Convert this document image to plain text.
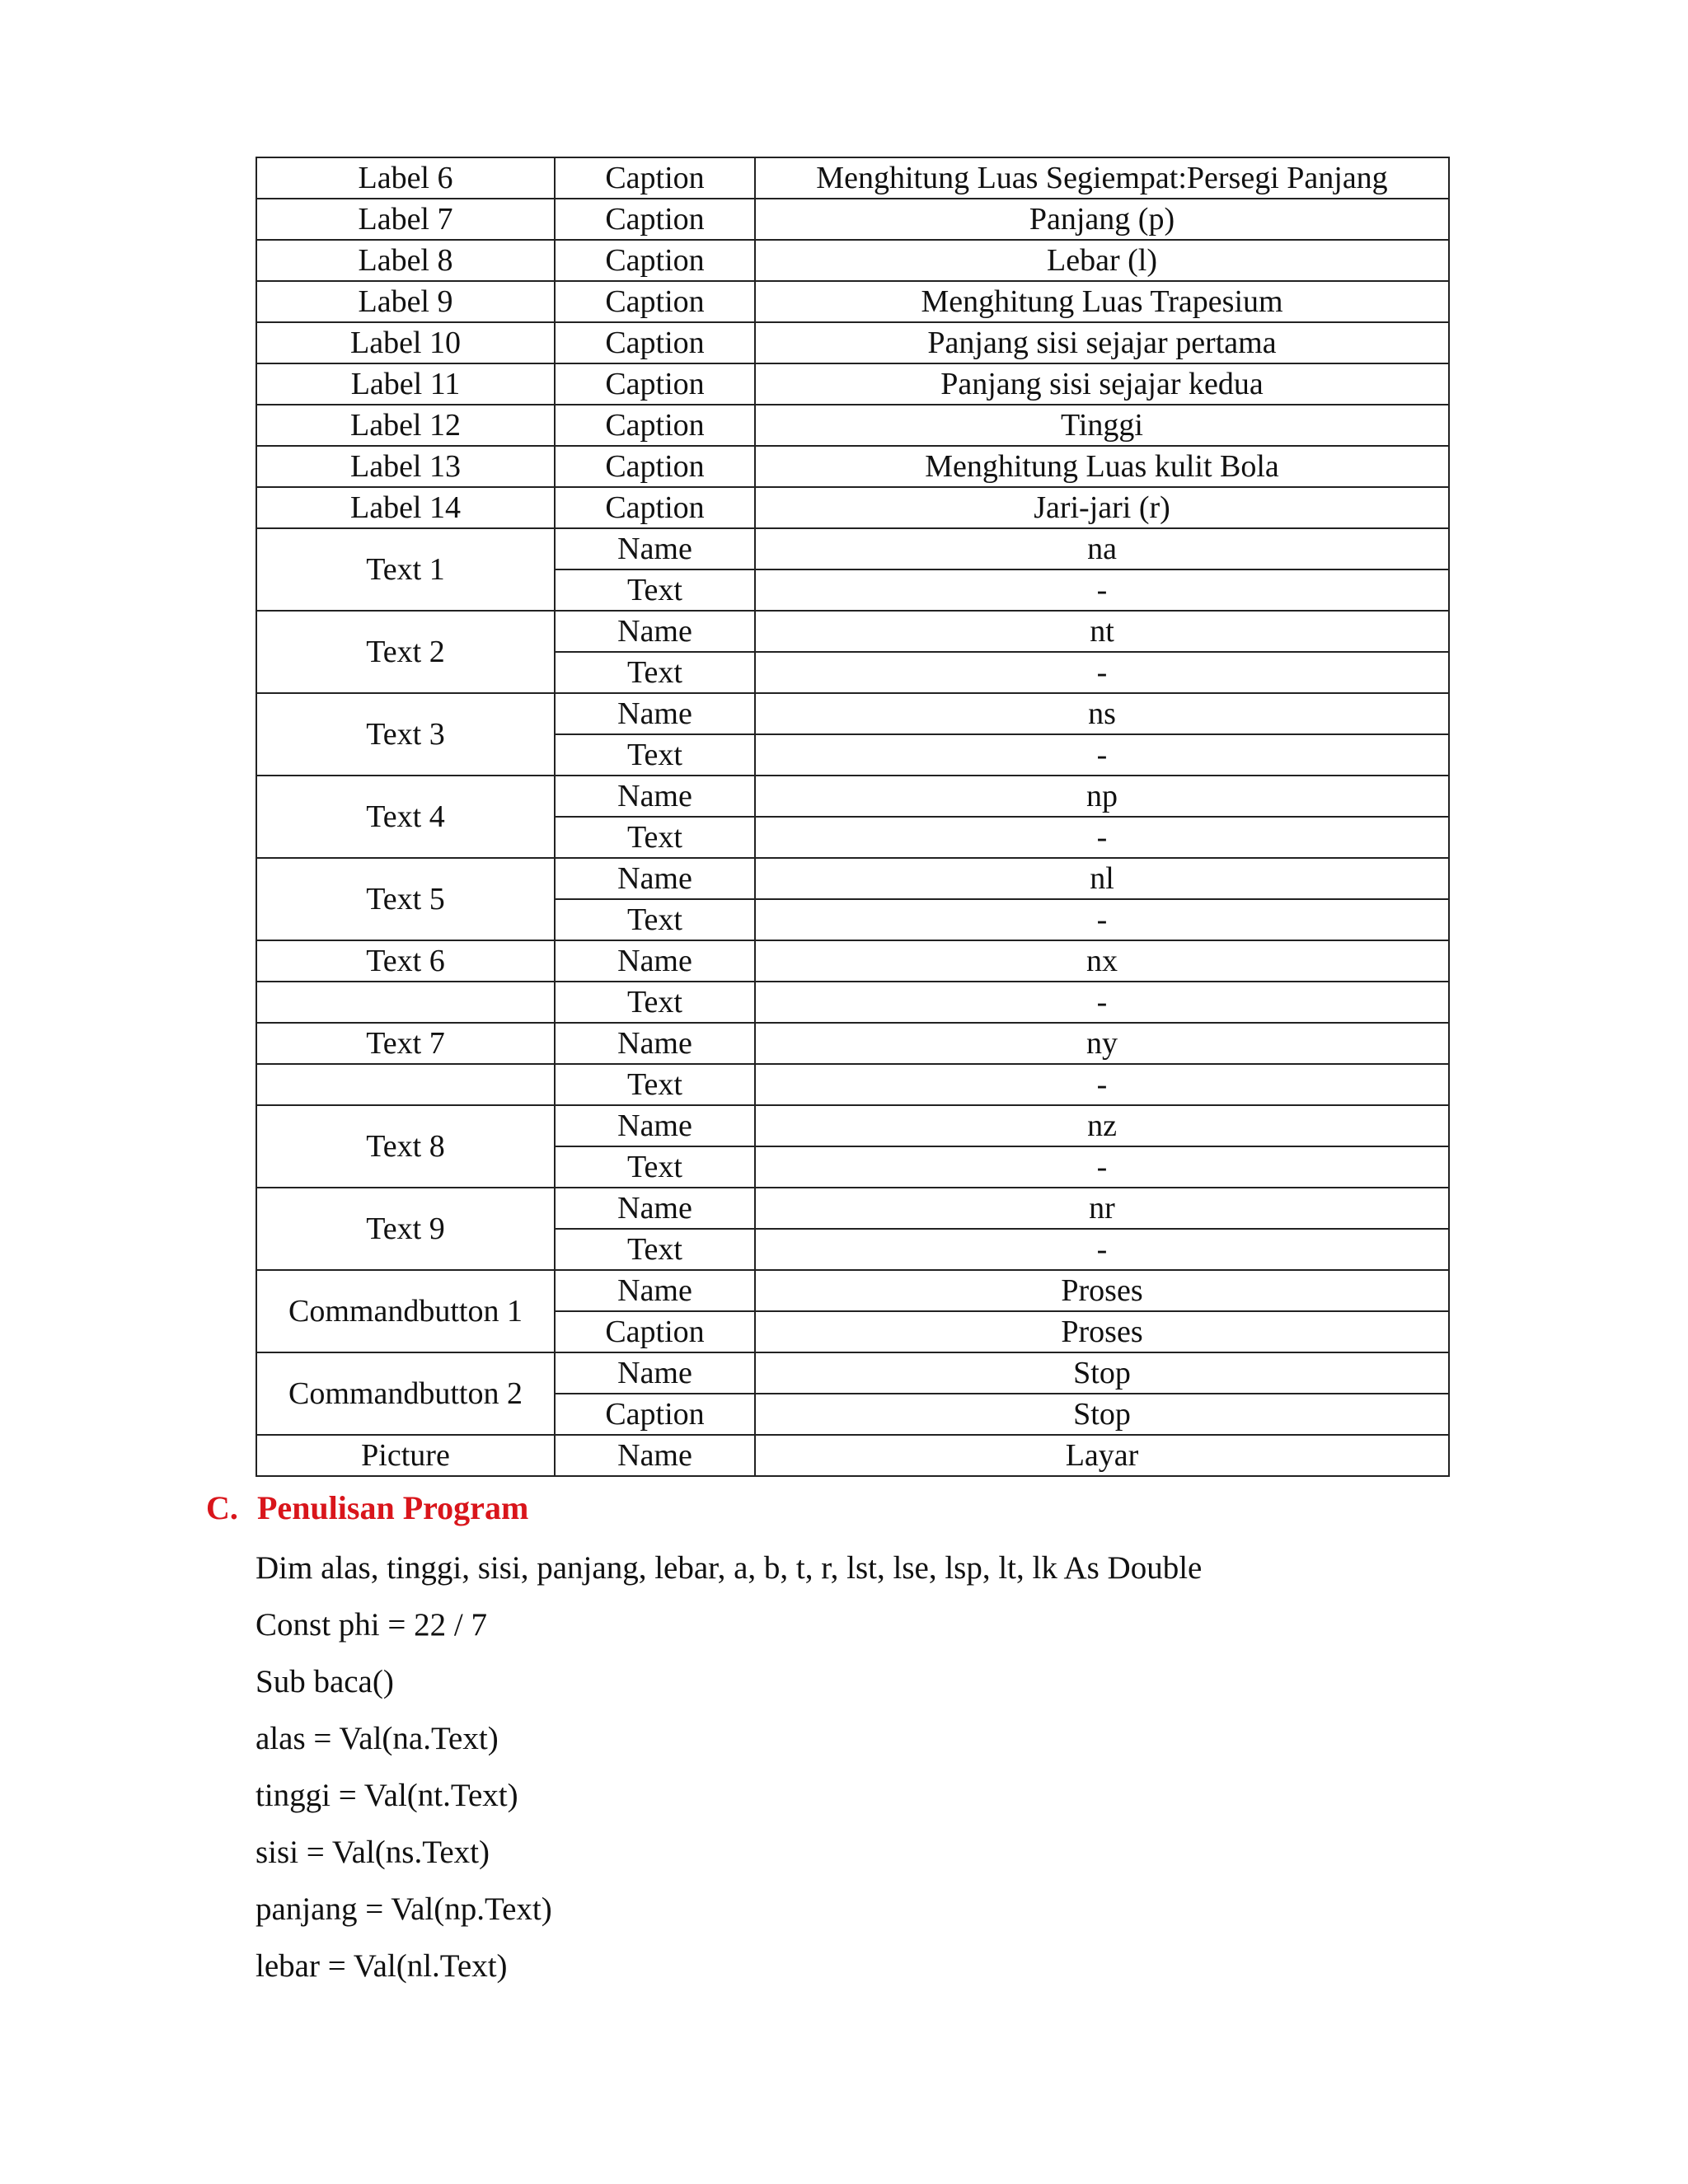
Label 6	Caption	Menghitung Luas Segiempat:Persegi Panjang
Label 7	Caption	Panjang (p)
Label 8	Caption	Lebar (l)
Label 9	Caption	Menghitung Luas Trapesium
Label 10	Caption	Panjang sisi sejajar pertama
Label 11	Caption	Panjang sisi sejajar kedua
Label 12	Caption	Tinggi
Label 13	Caption	Menghitung Luas kulit Bola
Label 14	Caption	Jari-jari (r)
Text 1	Name	na
	Text	-
Text 2	Name	nt
	Text	-
Text 3	Name	ns
	Text	-
Text 4	Name	np
	Text	-
Text 5	Name	nl
	Text	-
Text 6	Name	nx
	Text	-
Text 7	Name	ny
	Text	-
Text 8	Name	nz
	Text	-
Text 9	Name	nr
	Text	-
Commandbutton 1	Name	Proses
	Caption	Proses
Commandbutton 2	Name	Stop
	Caption	Stop
Picture	Name	Layar
C. Penulisan Program
Dim alas, tinggi, sisi, panjang, lebar, a, b, t, r, lst, lse, lsp, lt, lk As Double
Const phi = 22 / 7
Sub baca()
alas = Val(na.Text)
tinggi = Val(nt.Text)
sisi = Val(ns.Text)
panjang = Val(np.Text)
lebar = Val(nl.Text)
